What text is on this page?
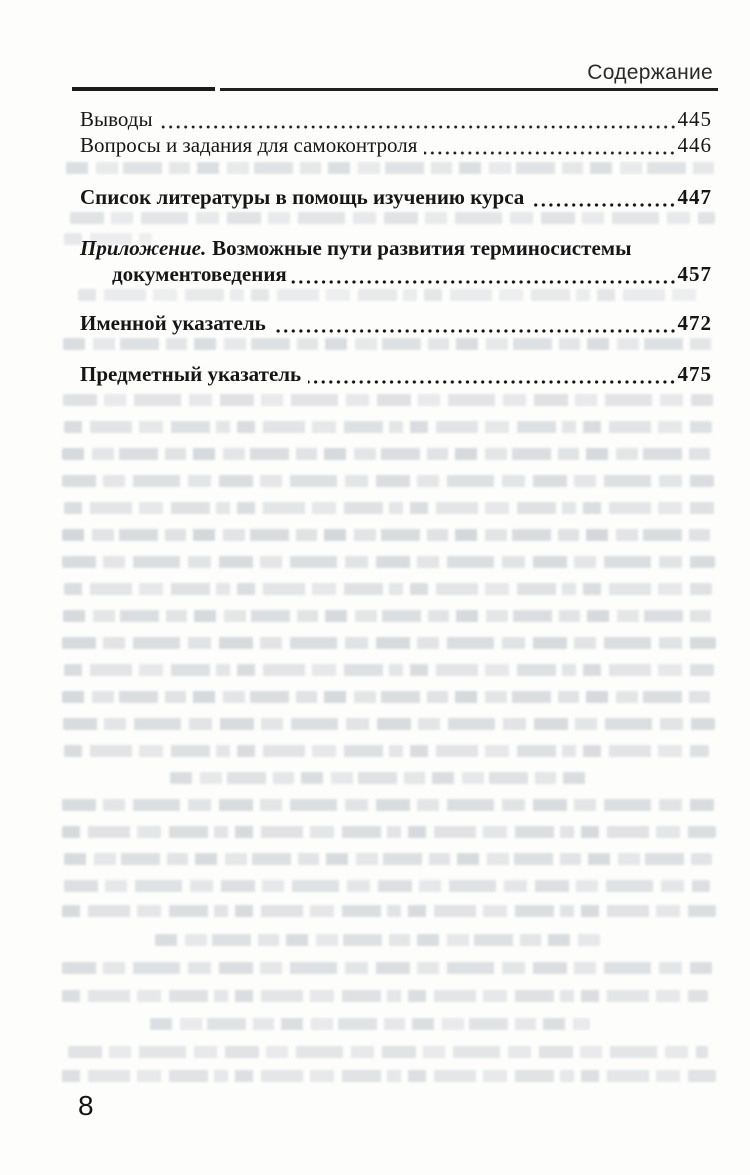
Содержание
Выводы	445
Вопросы и задания для самоконтроля	446
Список литературы в помощь изучению курса	447
Приложение. Возможные пути развития терминосистемы
документоведения	457
Именной указатель	472
Предметный указатель	475
8
